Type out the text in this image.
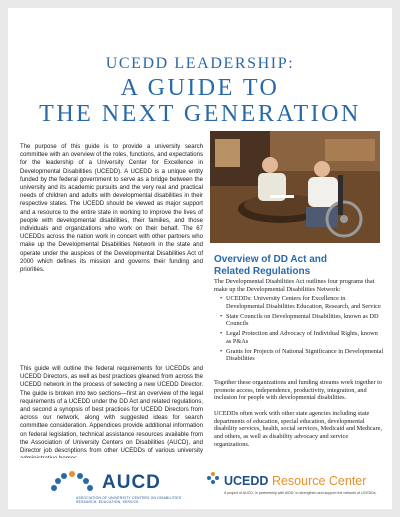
UCEDD LEADERSHIP:
A GUIDE TO
THE NEXT GENERATION

The purpose of this guide is to provide a university search committee with an overview of the roles, functions, and expectations for the leadership of a University Center for Excellence in Developmental Disabilities (UCEDD). A UCEDD is a unique entity funded by the federal government to serve as a bridge between the university and its academic pursuits and the very real and practical needs of children and adults with developmental disabilities in their respective states. The UCEDD should be viewed as major support and a resource to the entire state in working to improve the lives of people with developmental disabilities, their families, and those individuals and organizations who work on their behalf. The 67 UCEDDs across the nation work in concert with other partners who make up the Developmental Disabilities Network in the state and operate under the auspices of the Developmental Disabilities Act of 2000 which defines its mission and governs their funding and priorities.

This guide will outline the federal requirements for UCEDDs and UCEDD Directors, as well as best practices gleaned from across the UCEDD network in the process of selecting a new UCEDD Director. The guide is broken into two sections—first an overview of the legal requirements of a UCEDD under the DD Act and related regulations, and second a synopsis of best practices for UCEDD Directors from across our network, along with suggested ideas for search committee consideration. Appendices provide additional information on federal legislation, technical assistance resources available from the Association of University Centers on Disabilities (AUCD), and Director job descriptions from other UCEDDs of various university

Overview of DD Act and
Related Regulations

The Developmental Disabilities Act outlines four programs that make up the Developmental Disabilities Network:

• UCEDDs: University Centers for Excellence in Developmental Disabilities Education, Research, and Service
• State Councils on Developmental Disabilities, known as DD Councils
• Legal Protection and Advocacy of Individual Rights, known as P&As
• Grants for Projects of National Significance in Developmental Disabilities

Together these organizations and funding streams work together to promote access, independence, productivity, integration, and inclusion for people with developmental disabilities.

UCEDDs often work with other state agencies including state departments of education, special education, developmental disability services, health, social services, Medicaid and Medicare, and others, as well as disability advocacy and service organizations.

AUCD
ASSOCIATION OF UNIVERSITY CENTERS ON DISABILITIES
RESEARCH, EDUCATION, SERVICE
UCEDD Resource Center
A project of AUCD, in partnership with AIDD, to strengthen and support the network of UCEDDs.
